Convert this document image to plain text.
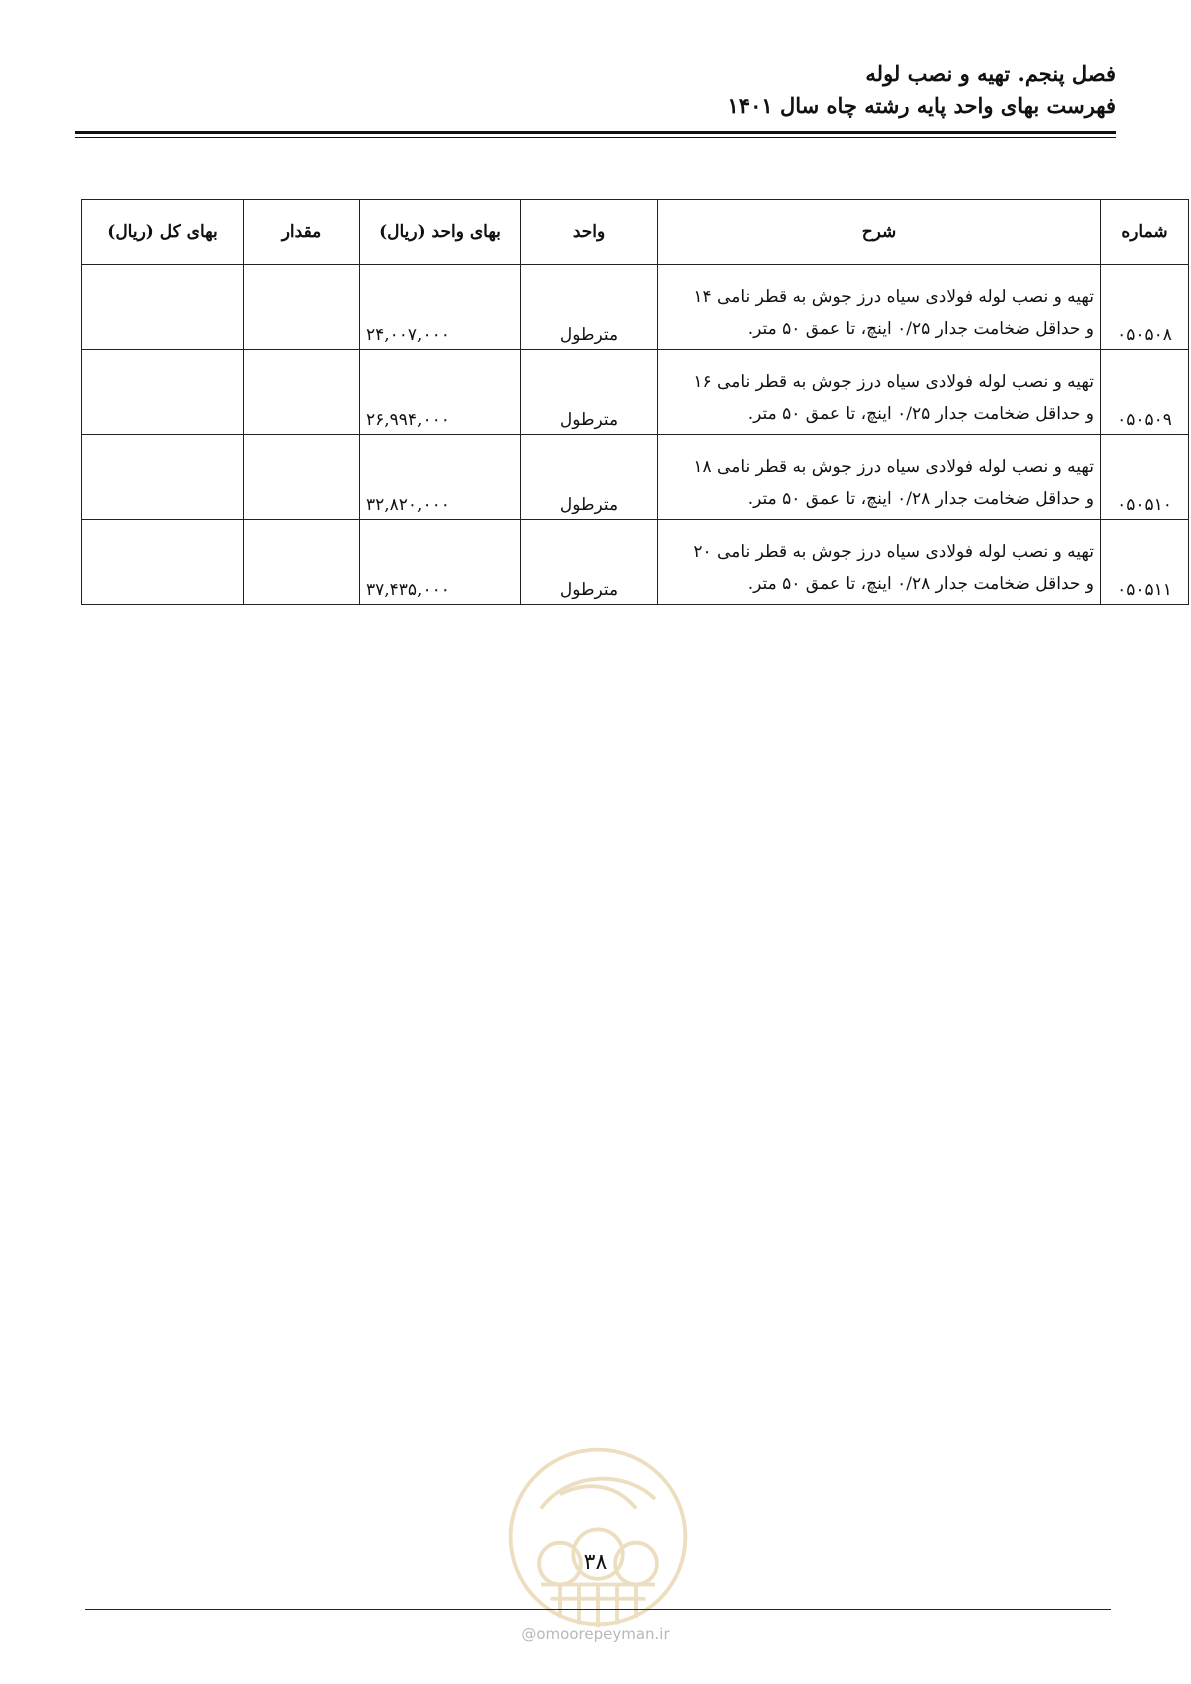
فصل پنجم. تهیه و نصب لوله
فهرست بهای واحد پایه رشته چاه سال ۱۴۰۱
شماره	شرح	واحد	بهای واحد (ریال)	مقدار	بهای کل (ریال)
۰۵۰۵۰۸	تهیه و نصب لوله فولادی سیاه درز جوش به قطر نامی ۱۴
و حداقل ضخامت جدار ۰/۲۵ اینچ، تا عمق ۵۰ متر.	مترطول	۲۴,۰۰۷,۰۰۰		
۰۵۰۵۰۹	تهیه و نصب لوله فولادی سیاه درز جوش به قطر نامی ۱۶
و حداقل ضخامت جدار ۰/۲۵ اینچ، تا عمق ۵۰ متر.	مترطول	۲۶,۹۹۴,۰۰۰		
۰۵۰۵۱۰	تهیه و نصب لوله فولادی سیاه درز جوش به قطر نامی ۱۸
و حداقل ضخامت جدار ۰/۲۸ اینچ، تا عمق ۵۰ متر.	مترطول	۳۲,۸۲۰,۰۰۰		
۰۵۰۵۱۱	تهیه و نصب لوله فولادی سیاه درز جوش به قطر نامی ۲۰
و حداقل ضخامت جدار ۰/۲۸ اینچ، تا عمق ۵۰ متر.	مترطول	۳۷,۴۳۵,۰۰۰		
۳۸
@omoorepeyman.ir
